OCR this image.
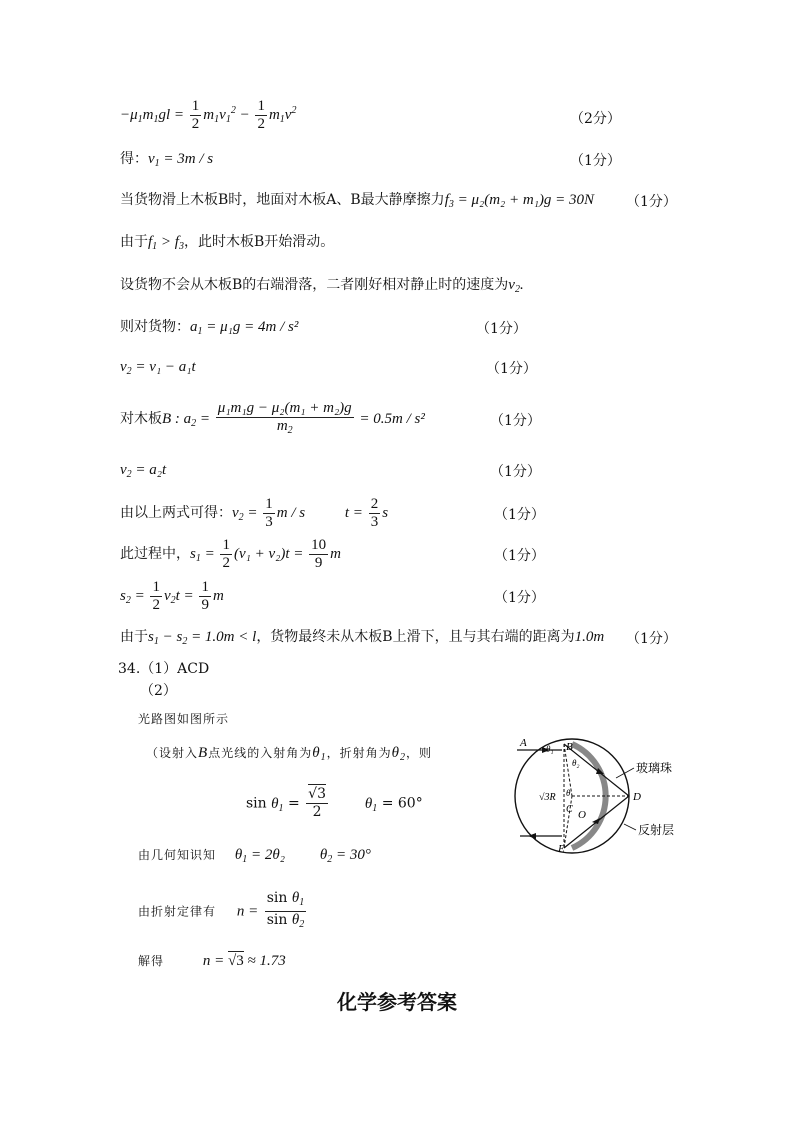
$-\mu_1m_1gl = \frac{1}{2} m_1v_1^2 - \frac{1}{2} m_1v^2$
（2分）
得：$v_1 = 3m / s$	（1分）
当货物滑上木板B时，地面对木板A、B最大静摩擦力$f_3 = \mu_2(m_2 + m_1)g = 30N$ （1分）
由于$f_1 > f_3$，此时木板B开始滑动。
设货物不会从木板B的右端滑落，二者刚好相对静止时的速度为$v_2$.
则对货物：$a_1 = \mu_1g = 4m / s^2$	（1分）
$v_2 = v_1 - a_1t$	（1分）
对木板B : $a_2 = \frac{\text{μ₁m₁g − μ₂(m₁ + m₂)g}}{m_2} = 0.5m / s^2$	（1分）
$v_2 = a_2t$	（1分）
由以上两式可得：$v_2 = \frac{1}{3}$ m / s $t = \frac{2}{3}$ s	（1分）
此过程中，$s_1 = \frac{1}{2} (v_1 + v_2)t = \frac{10}{9}$ m	（1分）
$s_2 = \frac{1}{2} v_2t = \frac{1}{9}$ m	（1分）
由于$s_1 - s_2 = 1.0m < l$，货物最终未从木板B上滑下，且与其右端的距离为1.0m （1分）
34.（1）ACD
（2）
光路图如图所示
（设射入B点光线的入射角为$\theta_1$，折射角为$\theta_2$，则
$\sin \theta_1 = \frac{√3}{2} \theta_1 = 60^\circ$
由几何知识知 $\theta_1 = 2\theta_2$ $\theta_2 = 30^\circ$
由折射定律有 $n = \frac{\sin \theta_1}{\sin \theta_2}$
解得	n = √3 ≈ 1.73
化学参考答案
A	B
D
C O
E
θ₁
θ₂
θ
√3R
玻璃珠
反射层
